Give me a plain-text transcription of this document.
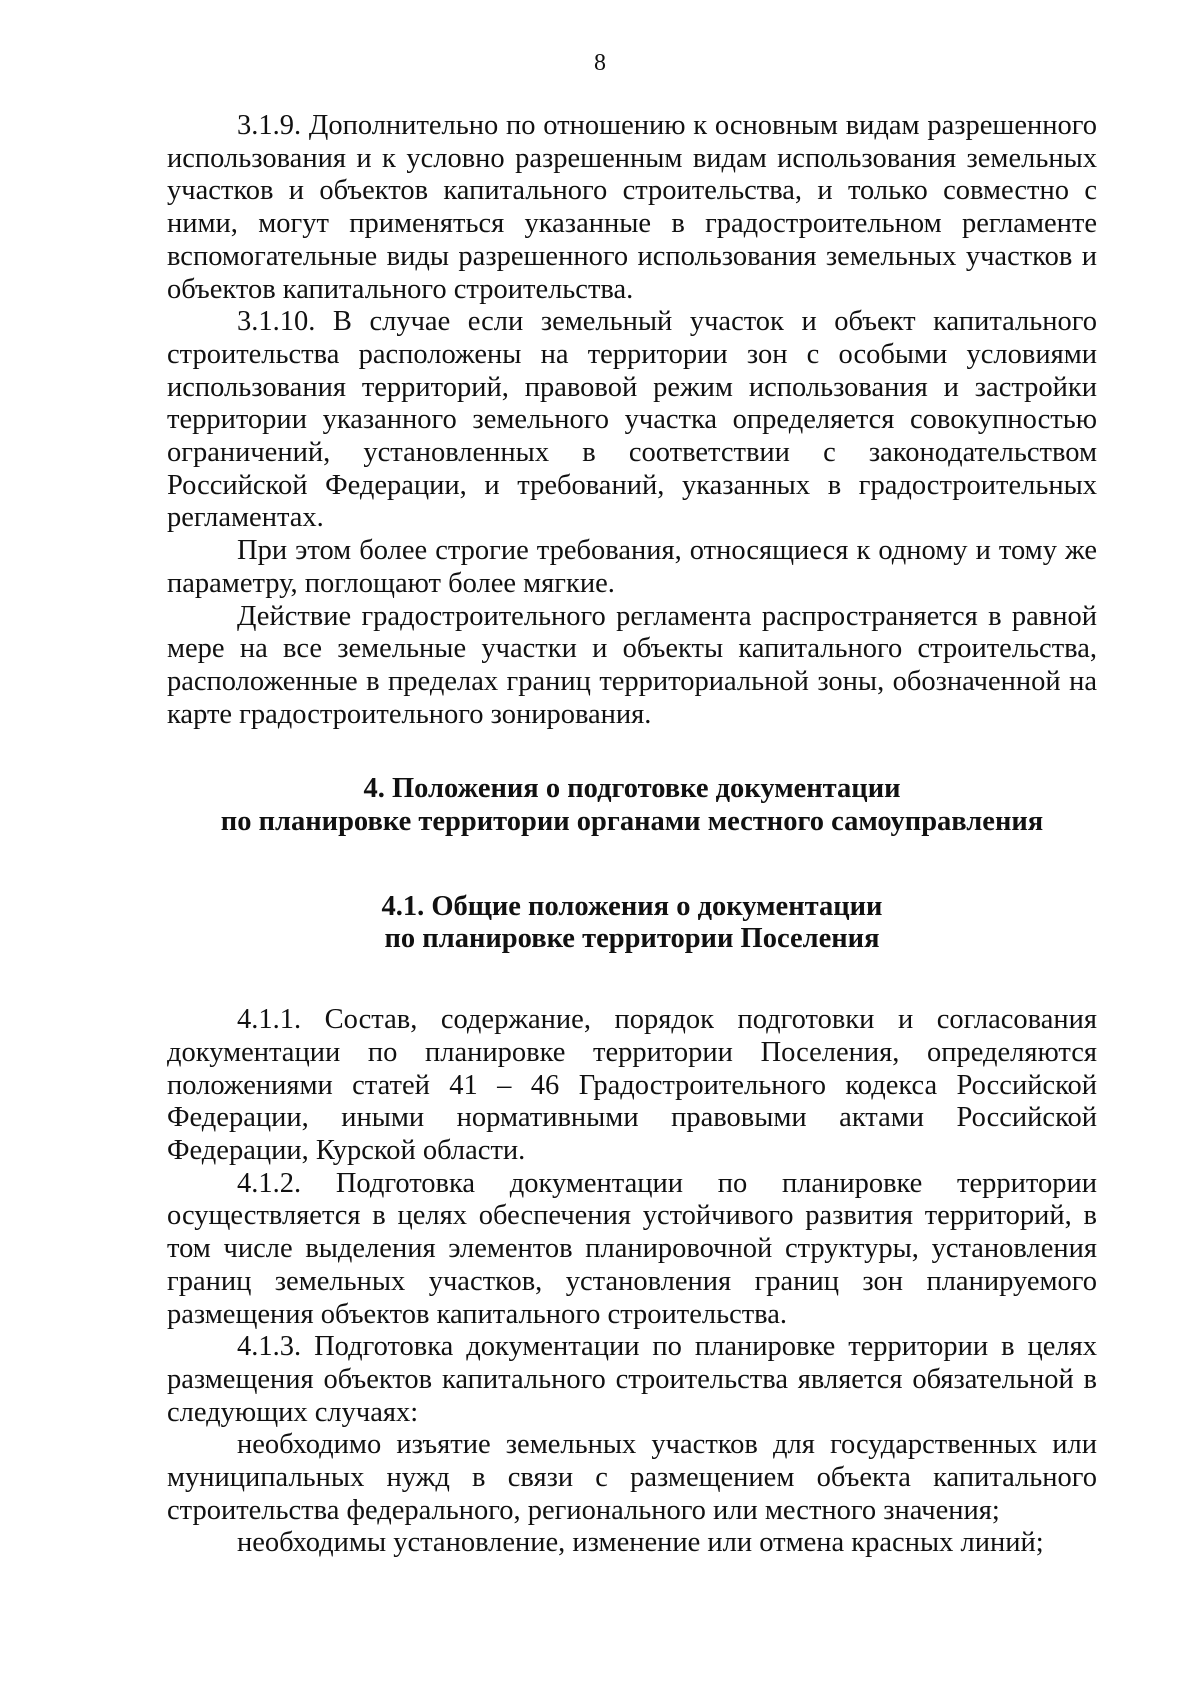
8

3.1.9. Дополнительно по отношению к основным видам разрешенного использования и к условно разрешенным видам использования земельных участков и объектов капитального строительства, и только совместно с ними, могут применяться указанные в градостроительном регламенте вспомогательные виды разрешенного использования земельных участков и объектов капитального строительства.

3.1.10. В случае если земельный участок и объект капитального строительства расположены на территории зон с особыми условиями использования территорий, правовой режим использования и застройки территории указанного земельного участка определяется совокупностью ограничений, установленных в соответствии с законодательством Российской Федерации, и требований, указанных в градостроительных регламентах.

При этом более строгие требования, относящиеся к одному и тому же параметру, поглощают более мягкие.

Действие градостроительного регламента распространяется в равной мере на все земельные участки и объекты капитального строительства, расположенные в пределах границ территориальной зоны, обозначенной на карте градостроительного зонирования.

4. Положения о подготовке документации
по планировке территории органами местного самоуправления
4.1. Общие положения о документации
по планировке территории Поселения

4.1.1. Состав, содержание, порядок подготовки и согласования документации по планировке территории Поселения, определяются положениями статей 41 – 46 Градостроительного кодекса Российской Федерации, иными нормативными правовыми актами Российской Федерации, Курской области.

4.1.2. Подготовка документации по планировке территории осуществляется в целях обеспечения устойчивого развития территорий, в том числе выделения элементов планировочной структуры, установления границ земельных участков, установления границ зон планируемого размещения объектов капитального строительства.

4.1.3. Подготовка документации по планировке территории в целях размещения объектов капитального строительства является обязательной в следующих случаях:

необходимо изъятие земельных участков для государственных или муниципальных нужд в связи с размещением объекта капитального строительства федерального, регионального или местного значения;

необходимы установление, изменение или отмена красных линий;
